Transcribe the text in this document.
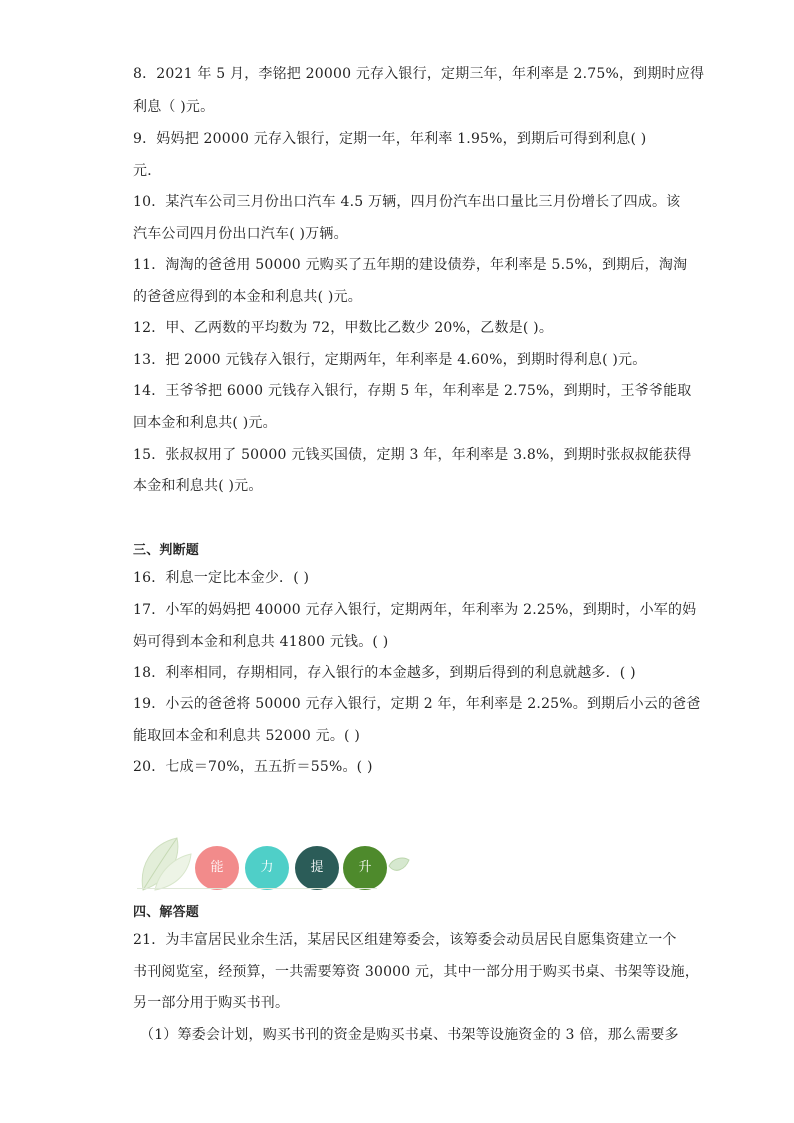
8．2021 年 5 月，李铭把 20000 元存入银行，定期三年，年利率是 2.75%，到期时应得
利息（ )元。
9．妈妈把 20000 元存入银行，定期一年，年利率 1.95%，到期后可得到利息( )
元．
10．某汽车公司三月份出口汽车 4.5 万辆，四月份汽车出口量比三月份增长了四成。该
汽车公司四月份出口汽车( )万辆。
11．淘淘的爸爸用 50000 元购买了五年期的建设债券，年利率是 5.5%，到期后，淘淘
的爸爸应得到的本金和利息共( )元。
12．甲、乙两数的平均数为 72，甲数比乙数少 20%，乙数是( )。
13．把 2000 元钱存入银行，定期两年，年利率是 4.60%，到期时得利息( )元。
14．王爷爷把 6000 元钱存入银行，存期 5 年，年利率是 2.75%，到期时，王爷爷能取
回本金和利息共( )元。
15．张叔叔用了 50000 元钱买国债，定期 3 年，年利率是 3.8%，到期时张叔叔能获得
本金和利息共( )元。
三、判断题
16．利息一定比本金少．( )
17．小军的妈妈把 40000 元存入银行，定期两年，年利率为 2.25%，到期时，小军的妈
妈可得到本金和利息共 41800 元钱。( )
18．利率相同，存期相同，存入银行的本金越多，到期后得到的利息就越多．( )
19．小云的爸爸将 50000 元存入银行，定期 2 年，年利率是 2.25%。到期后小云的爸爸
能取回本金和利息共 52000 元。( )
20．七成＝70%，五五折＝55%。( )
能	力	提	升
四、解答题
21．为丰富居民业余生活，某居民区组建筹委会，该筹委会动员居民自愿集资建立一个
书刊阅览室，经预算，一共需要筹资 30000 元，其中一部分用于购买书桌、书架等设施，
另一部分用于购买书刊。
（1）筹委会计划，购买书刊的资金是购买书桌、书架等设施资金的 3 倍，那么需要多
